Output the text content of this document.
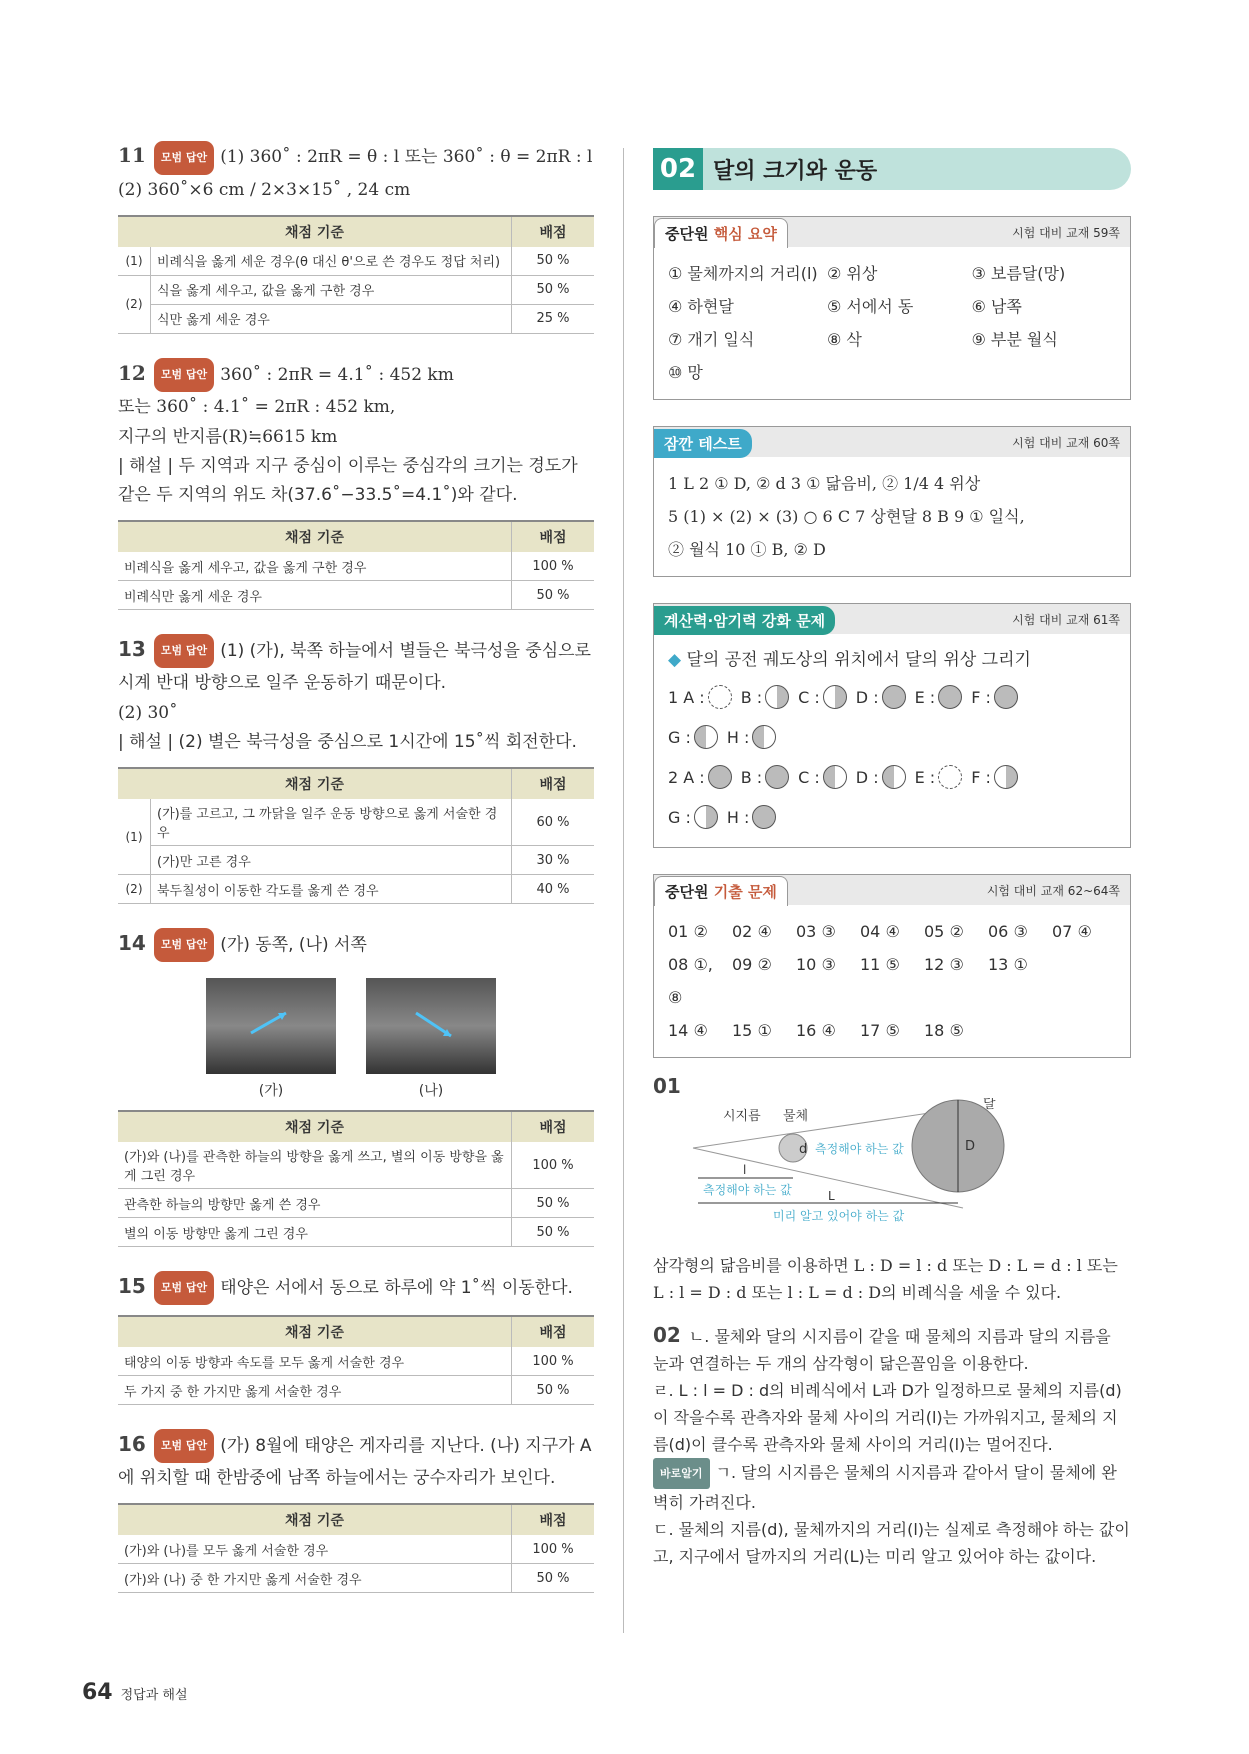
11 모범 답안 (1) 360˚ : 2πR = θ : l 또는 360˚ : θ = 2πR : l
(2) 360˚×6 cm / 2×3×15˚ , 24 cm
채점 기준		배점
(1)	비례식을 옳게 세운 경우(θ 대신 θ'으로 쓴 경우도 정답 처리)	50 %
(2)	식을 옳게 세우고, 값을 옳게 구한 경우	50 %
	식만 옳게 세운 경우	25 %
12 모범 답안 360˚ : 2πR = 4.1˚ : 452 km
또는 360˚ : 4.1˚ = 2πR : 452 km,
지구의 반지름(R)≒6615 km
| 해설 | 두 지역과 지구 중심이 이루는 중심각의 크기는 경도가 같은 두 지역의 위도 차(37.6˚−33.5˚=4.1˚)와 같다.
채점 기준	배점
비례식을 옳게 세우고, 값을 옳게 구한 경우	100 %
비례식만 옳게 세운 경우	50 %
13 모범 답안 (1) (가), 북쪽 하늘에서 별들은 북극성을 중심으로 시계 반대 방향으로 일주 운동하기 때문이다.
(2) 30˚
| 해설 | (2) 별은 북극성을 중심으로 1시간에 15˚씩 회전한다.
채점 기준		배점
(1)	(가)를 고르고, 그 까닭을 일주 운동 방향으로 옳게 서술한 경우	60 %
	(가)만 고른 경우	30 %
(2)	북두칠성이 이동한 각도를 옳게 쓴 경우	40 %
14 모범 답안 (가) 동쪽, (나) 서쪽
(가)	(나)
채점 기준	배점
(가)와 (나)를 관측한 하늘의 방향을 옳게 쓰고, 별의 이동 방향을 옳게 그린 경우	100 %
관측한 하늘의 방향만 옳게 쓴 경우	50 %
별의 이동 방향만 옳게 그린 경우	50 %
15 모범 답안 태양은 서에서 동으로 하루에 약 1˚씩 이동한다.
채점 기준	배점
태양의 이동 방향과 속도를 모두 옳게 서술한 경우	100 %
두 가지 중 한 가지만 옳게 서술한 경우	50 %
16 모범 답안 (가) 8월에 태양은 게자리를 지난다. (나) 지구가 A에 위치할 때 한밤중에 남쪽 하늘에서는 궁수자리가 보인다.
채점 기준	배점
(가)와 (나)를 모두 옳게 서술한 경우	100 %
(가)와 (나) 중 한 가지만 옳게 서술한 경우	50 %
02 달의 크기와 운동
중단원 핵심 요약	시험 대비 교재 59쪽
① 물체까지의 거리(l) ② 위상	③ 보름달(망)
④ 하현달	⑤ 서에서 동	⑥ 남쪽
⑦ 개기 일식	⑧ 삭	⑨ 부분 월식
⑩ 망
잠깐 테스트	시험 대비 교재 60쪽
1 L 2 ① D, ② d 3 ① 닮음비, ② 1/4 4 위상
5 (1) × (2) × (3) ○ 6 C 7 상현달 8 B 9 ① 일식,
② 월식 10 ① B, ② D
계산력·암기력 강화 문제	시험 대비 교재 61쪽
◆ 달의 공전 궤도상의 위치에서 달의 위상 그리기
1 A : B : C : D : E : F :
G : H :
2 A : B : C : D : E : F :
G : H :
중단원 기출 문제	시험 대비 교재 62~64쪽
01 ②	02 ④	03 ③	04 ④	05 ②	06 ③	07 ④
08 ①, ⑧
09 ②	10 ③	11 ⑤	12 ③	13 ①
14 ④	15 ①	16 ④	17 ⑤	18 ⑤
01
시지름 물체
달
d	D
측정해야 하는 값
l
측정해야 하는 값	L
미리 알고 있어야 하는 값
삼각형의 닮음비를 이용하면 L : D = l : d 또는 D : L = d : l 또는 L : l = D : d 또는 l : L = d : D의 비례식을 세울 수 있다.
02 ㄴ. 물체와 달의 시지름이 같을 때 물체의 지름과 달의 지름을 눈과 연결하는 두 개의 삼각형이 닮은꼴임을 이용한다.
ㄹ. L : l = D : d의 비례식에서 L과 D가 일정하므로 물체의 지름(d)이 작을수록 관측자와 물체 사이의 거리(l)는 가까워지고, 물체의 지름(d)이 클수록 관측자와 물체 사이의 거리(l)는 멀어진다.
바로알기 ㄱ. 달의 시지름은 물체의 시지름과 같아서 달이 물체에 완벽히 가려진다.
ㄷ. 물체의 지름(d), 물체까지의 거리(l)는 실제로 측정해야 하는 값이고, 지구에서 달까지의 거리(L)는 미리 알고 있어야 하는 값이다.
64 정답과 해설
